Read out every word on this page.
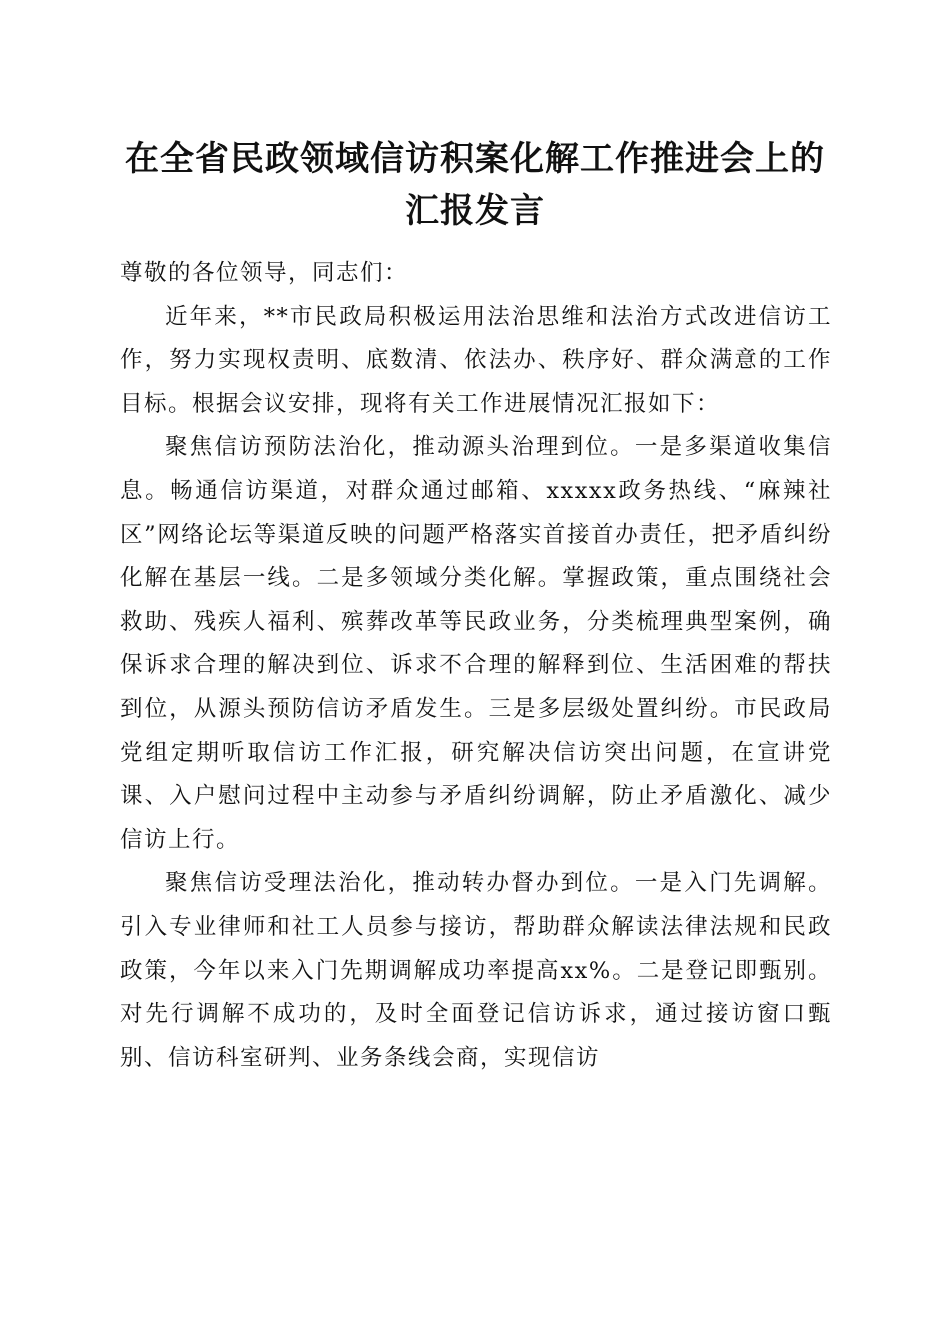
在全省民政领域信访积案化解工作推进会上的
汇报发言

尊敬的各位领导，同志们：

近年来，**市民政局积极运用法治思维和法治方式改进信访工作，努力实现权责明、底数清、依法办、秩序好、群众满意的工作目标。根据会议安排，现将有关工作进展情况汇报如下：

聚焦信访预防法治化，推动源头治理到位。一是多渠道收集信息。畅通信访渠道，对群众通过邮箱、xxxxx政务热线、“麻辣社区”网络论坛等渠道反映的问题严格落实首接首办责任，把矛盾纠纷化解在基层一线。二是多领域分类化解。掌握政策，重点围绕社会救助、残疾人福利、殡葬改革等民政业务，分类梳理典型案例，确保诉求合理的解决到位、诉求不合理的解释到位、生活困难的帮扶到位，从源头预防信访矛盾发生。三是多层级处置纠纷。市民政局党组定期听取信访工作汇报，研究解决信访突出问题，在宣讲党课、入户慰问过程中主动参与矛盾纠纷调解，防止矛盾激化、减少信访上行。

聚焦信访受理法治化，推动转办督办到位。一是入门先调解。引入专业律师和社工人员参与接访，帮助群众解读法律法规和民政政策，今年以来入门先期调解成功率提高xx%。二是登记即甄别。对先行调解不成功的，及时全面登记信访诉求，通过接访窗口甄别、信访科室研判、业务条线会商，实现信访
